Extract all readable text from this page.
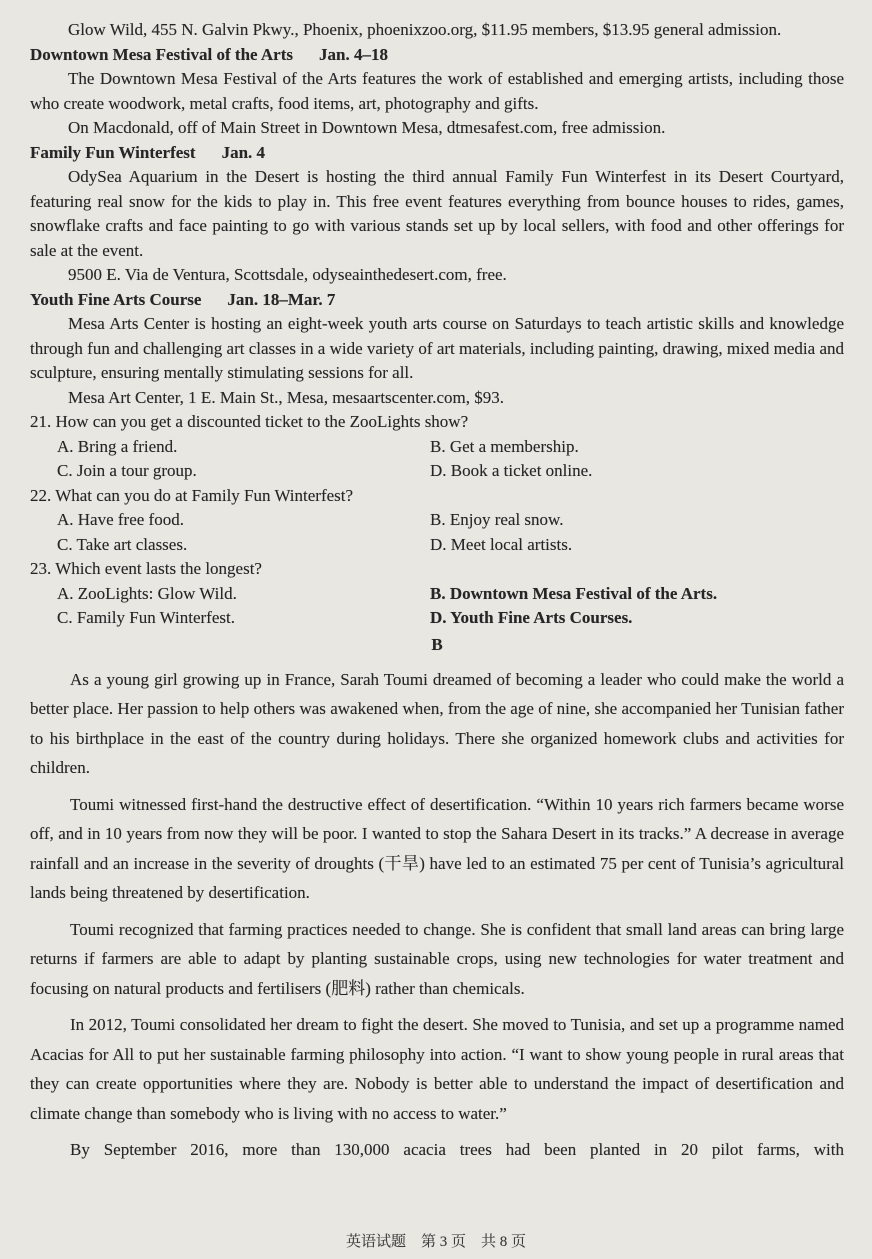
Glow Wild, 455 N. Galvin Pkwy., Phoenix, phoenixzoo.org, $11.95 members, $13.95 general admission.

Downtown Mesa Festival of the Arts Jan. 4–18

The Downtown Mesa Festival of the Arts features the work of established and emerging artists, including those who create woodwork, metal crafts, food items, art, photography and gifts.

On Macdonald, off of Main Street in Downtown Mesa, dtmesafest.com, free admission.

Family Fun Winterfest Jan. 4

OdySea Aquarium in the Desert is hosting the third annual Family Fun Winterfest in its Desert Courtyard, featuring real snow for the kids to play in. This free event features everything from bounce houses to rides, games, snowflake crafts and face painting to go with various stands set up by local sellers, with food and other offerings for sale at the event.

9500 E. Via de Ventura, Scottsdale, odyseainthedesert.com, free.

Youth Fine Arts Course Jan. 18–Mar. 7

Mesa Arts Center is hosting an eight-week youth arts course on Saturdays to teach artistic skills and knowledge through fun and challenging art classes in a wide variety of art materials, including painting, drawing, mixed media and sculpture, ensuring mentally stimulating sessions for all.

Mesa Art Center, 1 E. Main St., Mesa, mesaartscenter.com, $93.

21. How can you get a discounted ticket to the ZooLights show?

A. Bring a friend.	B. Get a membership.
C. Join a tour group.	D. Book a ticket online.

22. What can you do at Family Fun Winterfest?

A. Have free food.	B. Enjoy real snow.
C. Take art classes.	D. Meet local artists.

23. Which event lasts the longest?

A. ZooLights: Glow Wild.	B. Downtown Mesa Festival of the Arts.
C. Family Fun Winterfest.	D. Youth Fine Arts Courses.

B

As a young girl growing up in France, Sarah Toumi dreamed of becoming a leader who could make the world a better place. Her passion to help others was awakened when, from the age of nine, she accompanied her Tunisian father to his birthplace in the east of the country during holidays. There she organized homework clubs and activities for children.

Toumi witnessed first-hand the destructive effect of desertification. “Within 10 years rich farmers became worse off, and in 10 years from now they will be poor. I wanted to stop the Sahara Desert in its tracks.” A decrease in average rainfall and an increase in the severity of droughts (干旱) have led to an estimated 75 per cent of Tunisia’s agricultural lands being threatened by desertification.

Toumi recognized that farming practices needed to change. She is confident that small land areas can bring large returns if farmers are able to adapt by planting sustainable crops, using new technologies for water treatment and focusing on natural products and fertilisers (肥料) rather than chemicals.

In 2012, Toumi consolidated her dream to fight the desert. She moved to Tunisia, and set up a programme named Acacias for All to put her sustainable farming philosophy into action. “I want to show young people in rural areas that they can create opportunities where they are. Nobody is better able to understand the impact of desertification and climate change than somebody who is living with no access to water.”

By September 2016, more than 130,000 acacia trees had been planted in 20 pilot farms, with

英语试题　第 3 页　共 8 页
